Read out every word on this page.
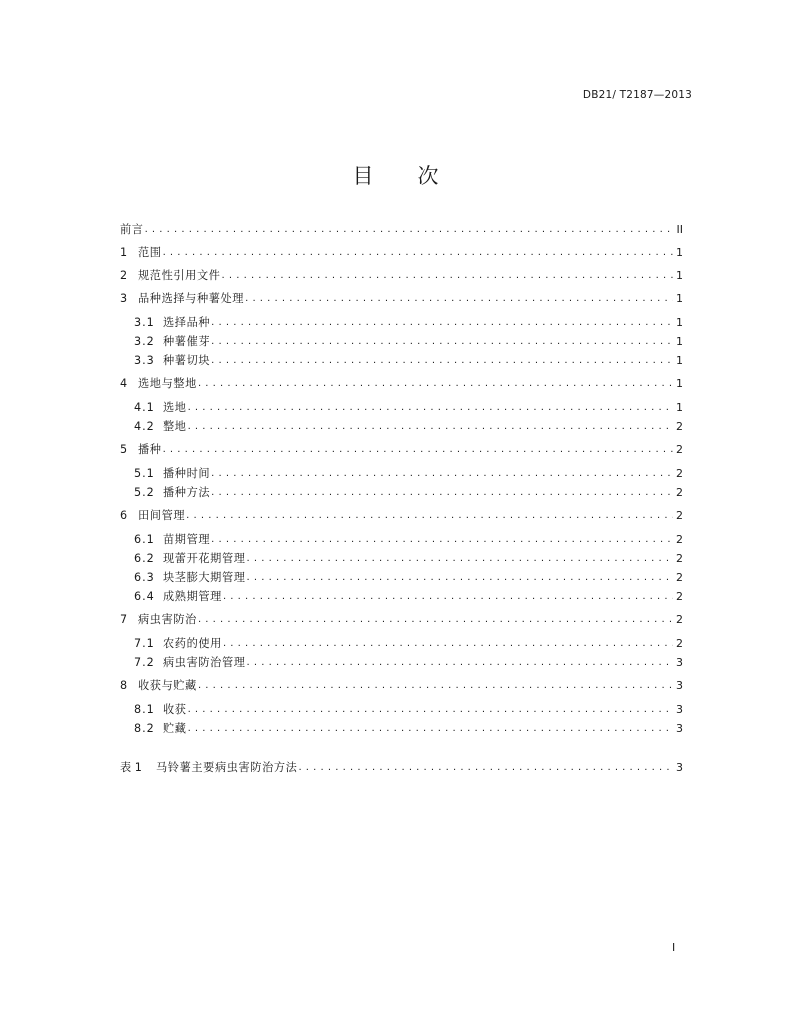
DB21/ T2187—2013
目 次
前言 . . .	II
1 范围 . . .	1
2 规范性引用文件 . . .	1
3 品种选择与种薯处理 . . .	1
3.1 选择品种 . . .	1
3.2 种薯催芽 . . .	1
3.3 种薯切块 . . .	1
4 选地与整地 . . .	1
4.1 选地 . . .	1
4.2 整地 . . .	2
5 播种 . . .	2
5.1 播种时间 . . .	2
5.2 播种方法 . . .	2
6 田间管理 . . .	2
6.1 苗期管理 . . .	2
6.2 现蕾开花期管理 . . .	2
6.3 块茎膨大期管理 . . .	2
6.4 成熟期管理 . . .	2
7 病虫害防治 . . .	2
7.1 农药的使用 . . .	2
7.2 病虫害防治管理 . . .	3
8 收获与贮藏 . . .	3
8.1 收获 . . .	3
8.2 贮藏 . . .	3
表 1	马铃薯主要病虫害防治方法 . . .	3
I
